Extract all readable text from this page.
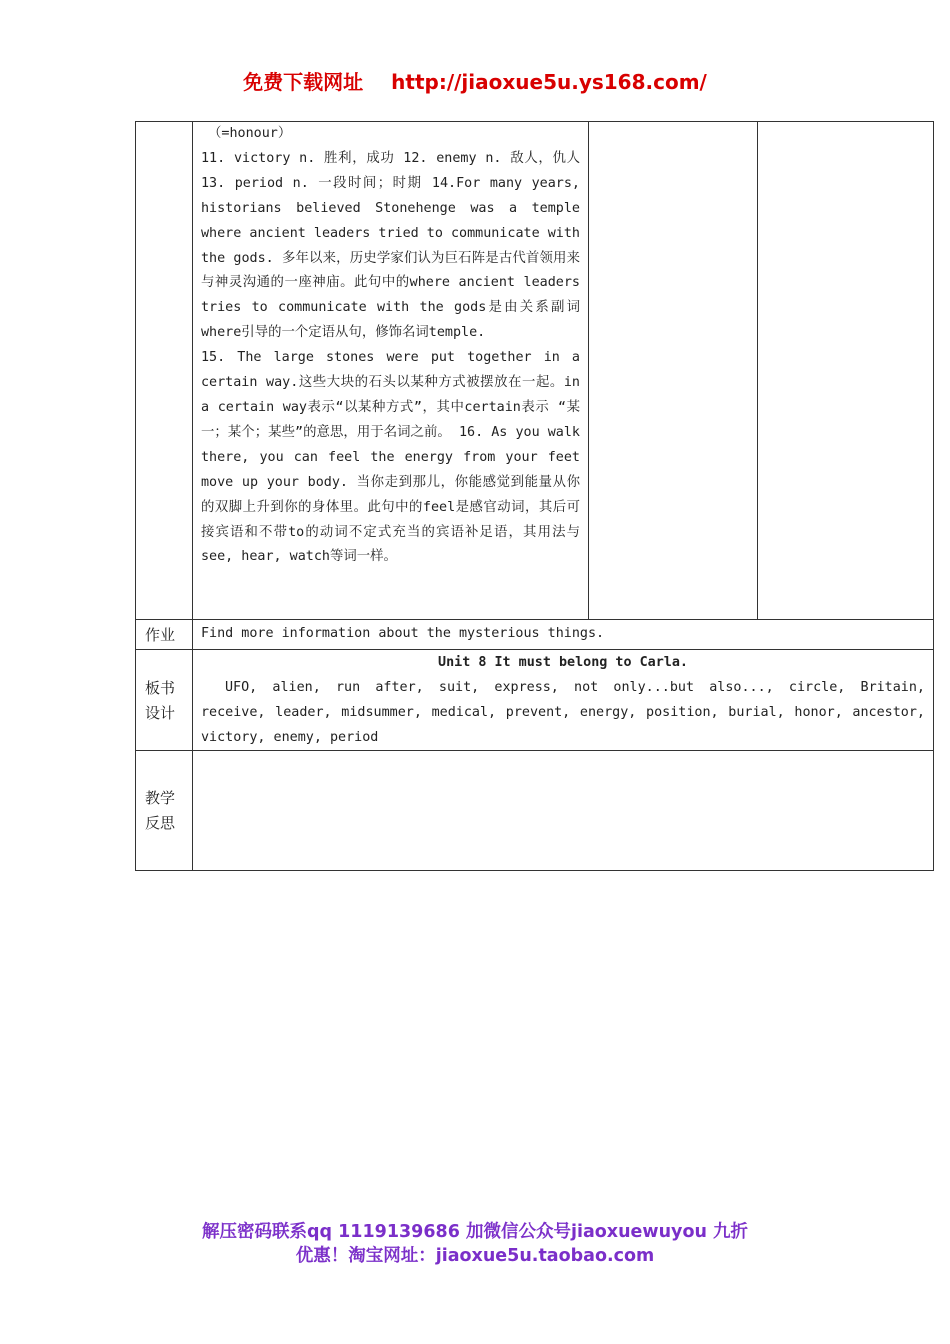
免费下载网址 http://jiaoxue5u.ys168.com/

	（=honour）

11. victory n. 胜利，成功 12. enemy n. 敌人，仇人 13. period n. 一段时间；时期 14.For many years, historians believed Stonehenge was a temple where ancient leaders tried to communicate with the gods. 多年以来，历史学家们认为巨石阵是古代首领用来与神灵沟通的一座神庙。此句中的where ancient leaders tries to communicate with the gods是由关系副词where引导的一个定语从句，修饰名词temple.

15. The large stones were put together in a certain way.这些大块的石头以某种方式被摆放在一起。in a certain way表示“以某种方式”，其中certain表示 “某一；某个；某些”的意思，用于名词之前。 16. As you walk there, you can feel the energy from your feet move up your body. 当你走到那儿，你能感觉到能量从你的双脚上升到你的身体里。此句中的feel是感官动词，其后可接宾语和不带to的动词不定式充当的宾语补足语，其用法与see, hear, watch等词一样。		

作业	Find more information about the mysterious things.		
板书设计	Unit 8 It must belong to Carla.
UFO, alien, run after, suit, express, not only...but also..., circle, Britain, receive, leader, midsummer, medical, prevent, energy, position, burial, honor, ancestor, victory, enemy, period		

教学反思			
解压密码联系qq 1119139686 加微信公众号jiaoxuewuyou 九折
优惠！淘宝网址：jiaoxue5u.taobao.com
